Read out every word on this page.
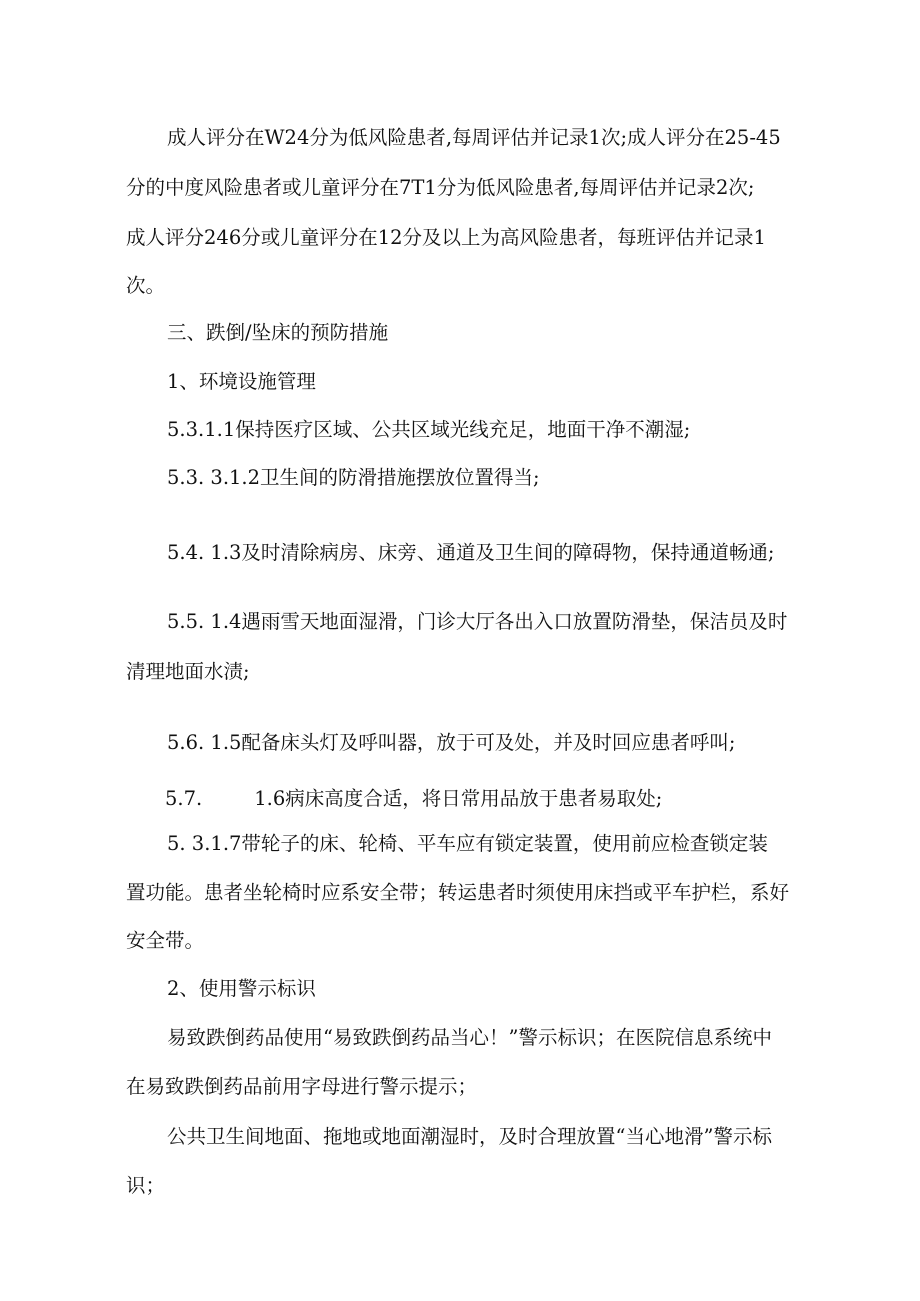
成人评分在W24分为低风险患者,每周评估并记录1次;成人评分在25-45
分的中度风险患者或儿童评分在7T1分为低风险患者,每周评估并记录2次;
成人评分246分或儿童评分在12分及以上为高风险患者，每班评估并记录1
次。
三、跌倒/坠床的预防措施
1、环境设施管理
5.3.1.1保持医疗区域、公共区域光线充足，地面干净不潮湿;
5.3. 3.1.2卫生间的防滑措施摆放位置得当;
5.4. 1.3及时清除病房、床旁、通道及卫生间的障碍物，保持通道畅通;
5.5. 1.4遇雨雪天地面湿滑，门诊大厅各出入口放置防滑垫，保洁员及时
清理地面水渍;
5.6. 1.5配备床头灯及呼叫器，放于可及处，并及时回应患者呼叫;
5.7.	1.6病床高度合适，将日常用品放于患者易取处;
5. 3.1.7带轮子的床、轮椅、平车应有锁定装置，使用前应检查锁定装
置功能。患者坐轮椅时应系安全带；转运患者时须使用床挡或平车护栏，系好
安全带。
2、使用警示标识
易致跌倒药品使用“易致跌倒药品当心！”警示标识；在医院信息系统中
在易致跌倒药品前用字母进行警示提示；
公共卫生间地面、拖地或地面潮湿时，及时合理放置“当心地滑”警示标
识；
